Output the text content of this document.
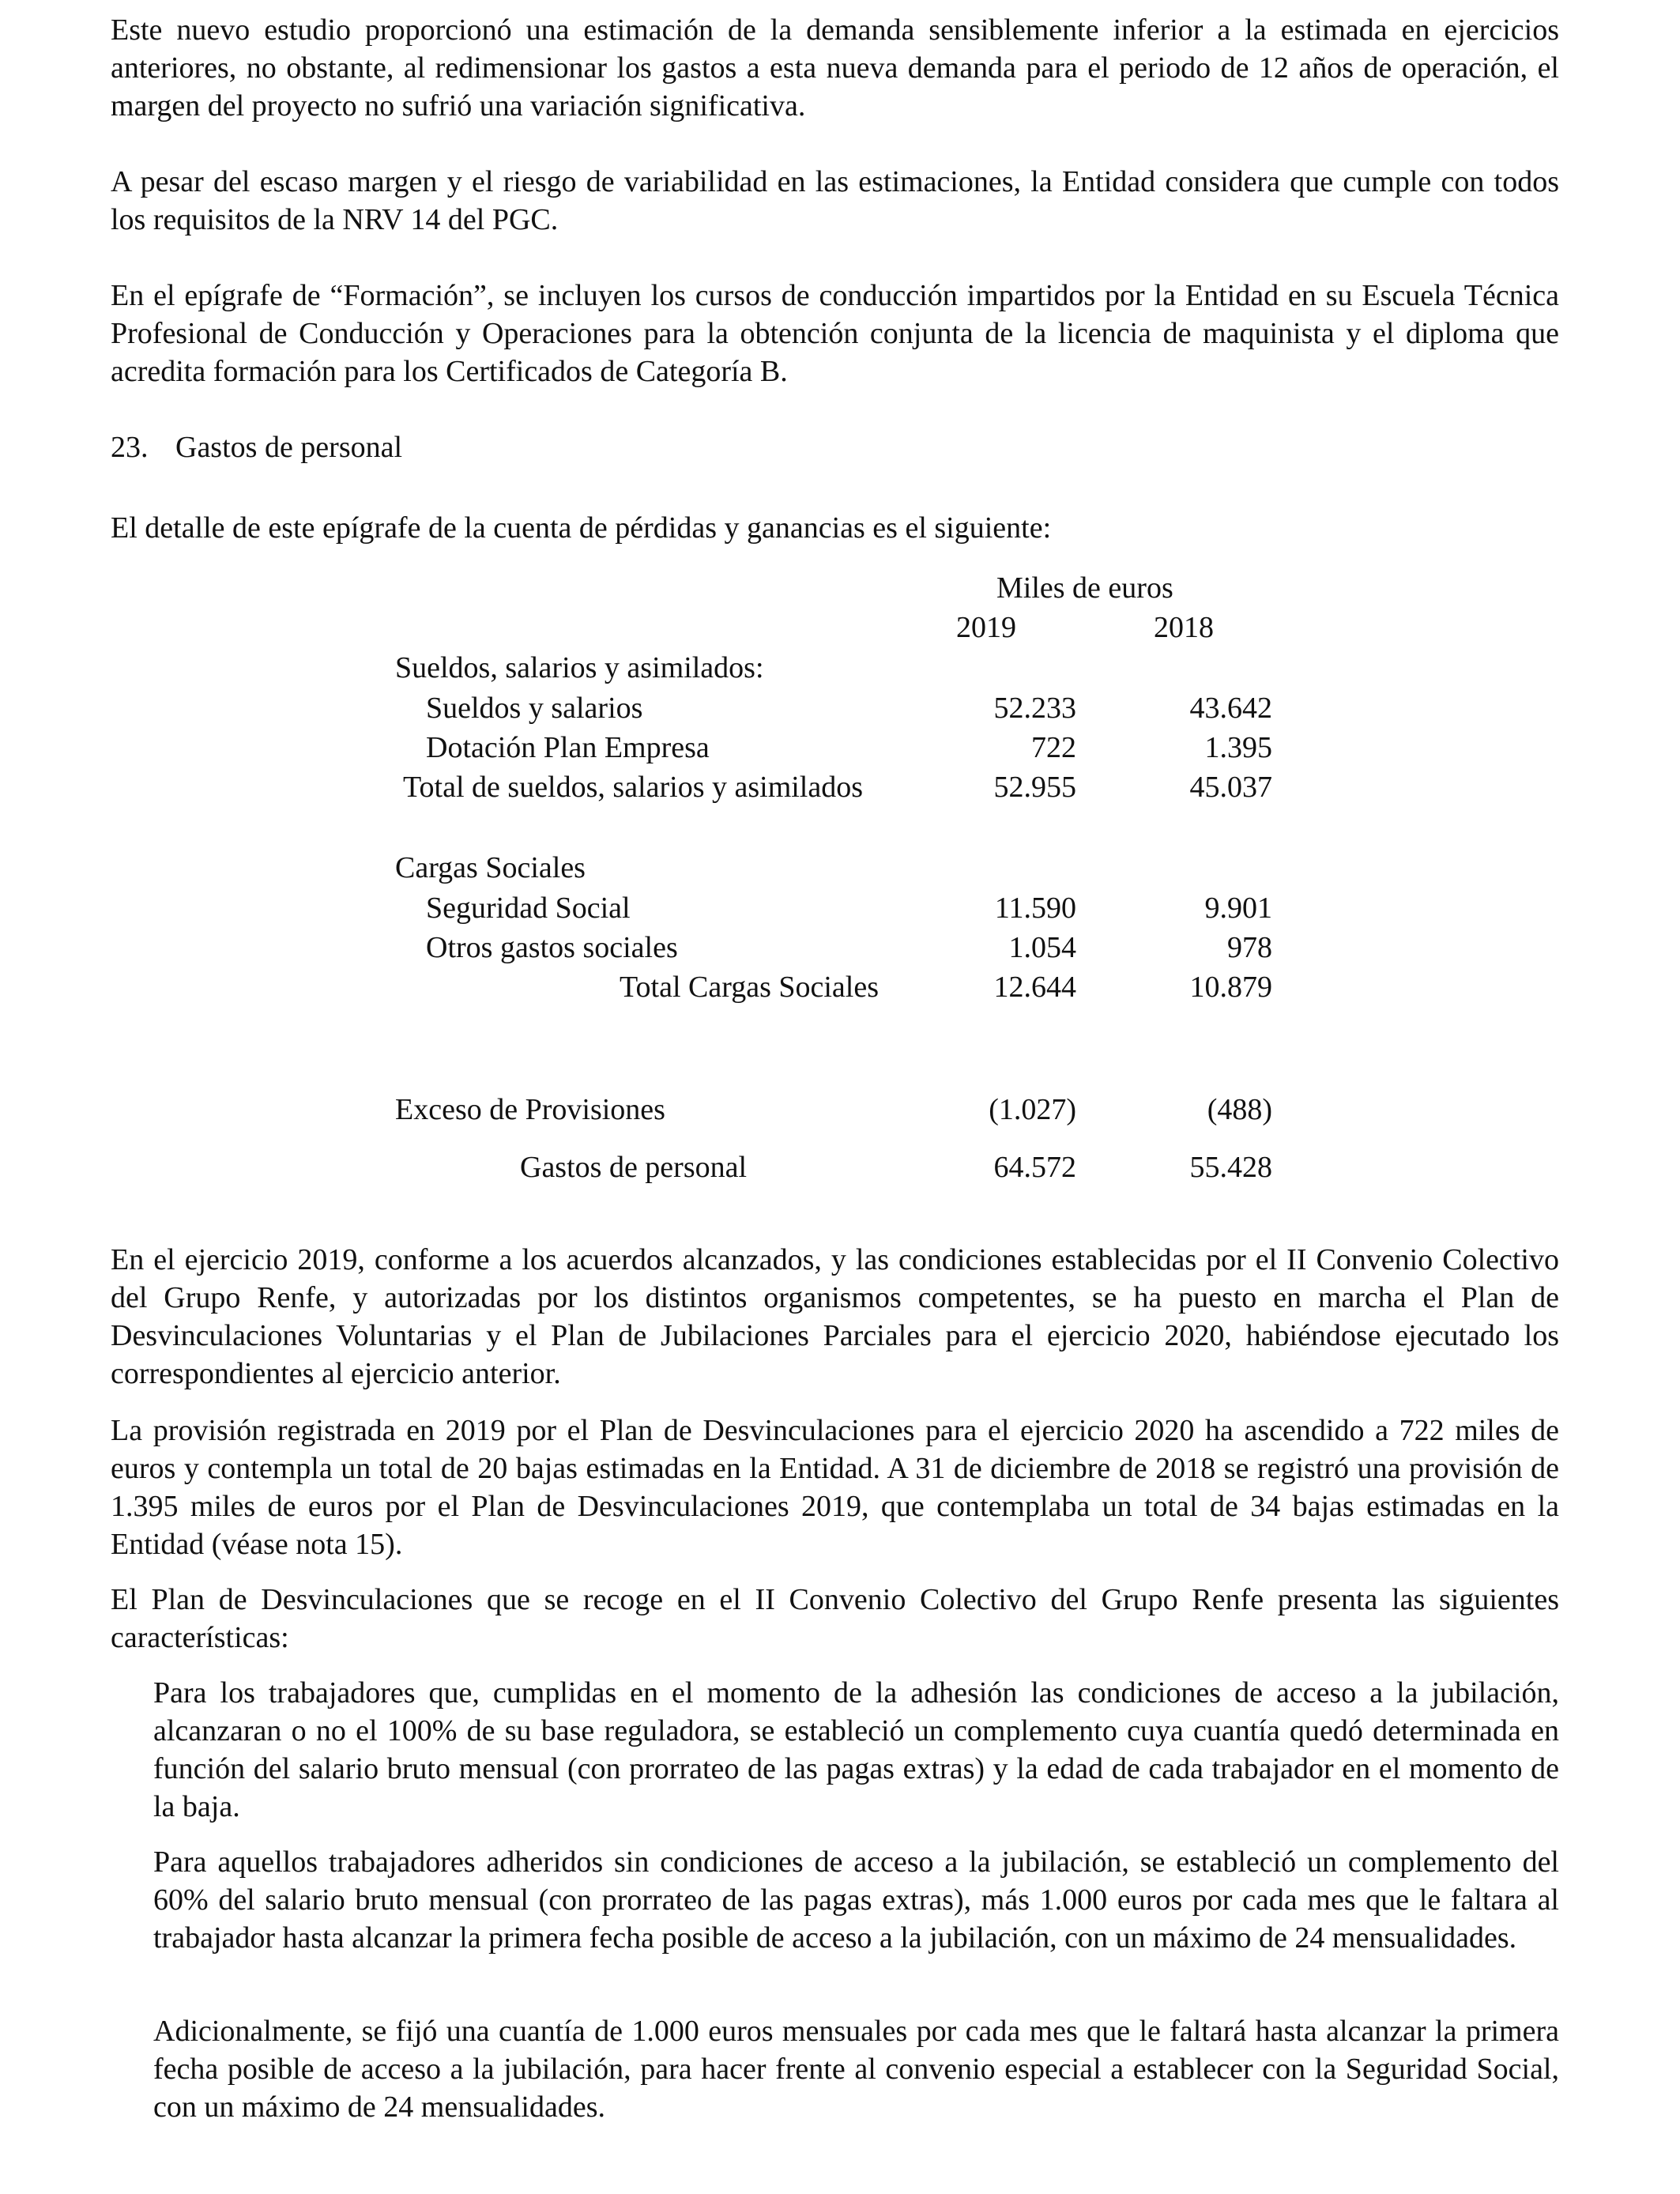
Este nuevo estudio proporcionó una estimación de la demanda sensiblemente inferior a la estimada en ejercicios anteriores, no obstante, al redimensionar los gastos a esta nueva demanda para el periodo de 12 años de operación, el margen del proyecto no sufrió una variación significativa.

A pesar del escaso margen y el riesgo de variabilidad en las estimaciones, la Entidad considera que cumple con todos los requisitos de la NRV 14 del PGC.

En el epígrafe de “Formación”, se incluyen los cursos de conducción impartidos por la Entidad en su Escuela Técnica Profesional de Conducción y Operaciones para la obtención conjunta de la licencia de maquinista y el diploma que acredita formación para los Certificados de Categoría B.

23. Gastos de personal

El detalle de este epígrafe de la cuenta de pérdidas y ganancias es el siguiente:

Miles de euros
2019	2018
Sueldos, salarios y asimilados:
Sueldos y salarios	52.233	43.642
Dotación Plan Empresa	722	1.395
Total de sueldos, salarios y asimilados	52.955	45.037
Cargas Sociales
Seguridad Social	11.590	9.901
Otros gastos sociales	1.054	978
Total Cargas Sociales	12.644	10.879
Exceso de Provisiones	(1.027)	(488)
Gastos de personal	64.572	55.428

En el ejercicio 2019, conforme a los acuerdos alcanzados, y las condiciones establecidas por el II Convenio Colectivo del Grupo Renfe, y autorizadas por los distintos organismos competentes, se ha puesto en marcha el Plan de Desvinculaciones Voluntarias y el Plan de Jubilaciones Parciales para el ejercicio 2020, habiéndose ejecutado los correspondientes al ejercicio anterior.

La provisión registrada en 2019 por el Plan de Desvinculaciones para el ejercicio 2020 ha ascendido a 722 miles de euros y contempla un total de 20 bajas estimadas en la Entidad. A 31 de diciembre de 2018 se registró una provisión de 1.395 miles de euros por el Plan de Desvinculaciones 2019, que contemplaba un total de 34 bajas estimadas en la Entidad (véase nota 15).

El Plan de Desvinculaciones que se recoge en el II Convenio Colectivo del Grupo Renfe presenta las siguientes características:

Para los trabajadores que, cumplidas en el momento de la adhesión las condiciones de acceso a la jubilación, alcanzaran o no el 100% de su base reguladora, se estableció un complemento cuya cuantía quedó determinada en función del salario bruto mensual (con prorrateo de las pagas extras) y la edad de cada trabajador en el momento de la baja.

Para aquellos trabajadores adheridos sin condiciones de acceso a la jubilación, se estableció un complemento del 60% del salario bruto mensual (con prorrateo de las pagas extras), más 1.000 euros por cada mes que le faltara al trabajador hasta alcanzar la primera fecha posible de acceso a la jubilación, con un máximo de 24 mensualidades.

Adicionalmente, se fijó una cuantía de 1.000 euros mensuales por cada mes que le faltará hasta alcanzar la primera fecha posible de acceso a la jubilación, para hacer frente al convenio especial a establecer con la Seguridad Social, con un máximo de 24 mensualidades.
